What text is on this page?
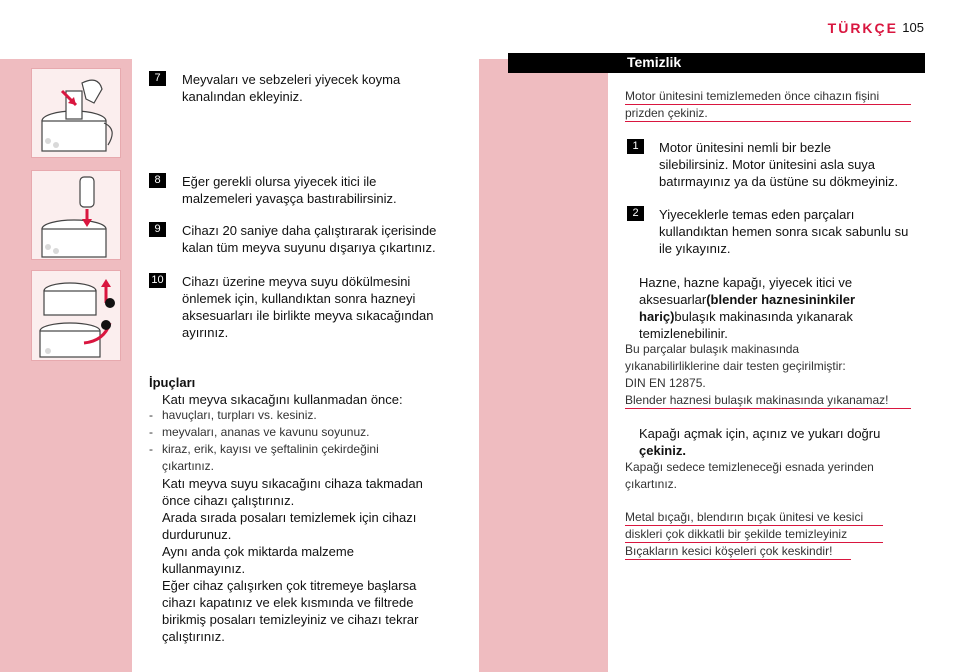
TÜRKÇE 105
7	Meyvaları ve sebzeleri yiyecek koyma
kanalından ekleyiniz.
8	Eğer gerekli olursa yiyecek itici ile
malzemeleri yavaşça bastırabilirsiniz.
9	Cihazı 20 saniye daha çalıştırarak içerisinde
kalan tüm meyva suyunu dışarıya çıkartınız.
10 Cihazı üzerine meyva suyu dökülmesini
önlemek için, kullandıktan sonra hazneyi
aksesuarları ile birlikte meyva sıkacağından
ayırınız.
İpuçları
Katı meyva sıkacağını kullanmadan önce:
- havuçları, turpları vs. kesiniz.
- meyvaları, ananas ve kavunu soyunuz.
- kiraz, erik, kayısı ve şeftalinin çekirdeğini
çıkartınız.
Katı meyva suyu sıkacağını cihaza takmadan
önce cihazı çalıştırınız.
Arada sırada posaları temizlemek için cihazı
durdurunuz.
Aynı anda çok miktarda malzeme
kullanmayınız.
Eğer cihaz çalışırken çok titremeye başlarsa
cihazı kapatınız ve elek kısmında ve filtrede
birikmiş posaları temizleyiniz ve cihazı tekrar
çalıştırınız.
Temizlik
Motor ünitesini temizlemeden önce cihazın fişini
prizden çekiniz.
1	Motor ünitesini nemli bir bezle
silebilirsiniz. Motor ünitesini asla suya
batırmayınız ya da üstüne su dökmeyiniz.
2	Yiyeceklerle temas eden parçaları
kullandıktan hemen sonra sıcak sabunlu su
ile yıkayınız.
Hazne, hazne kapağı, yiyecek itici ve
aksesuarlar(blender haznesininkiler
hariç)bulaşık makinasında yıkanarak
temizlenebilinir.
Bu parçalar bulaşık makinasında
yıkanabilirliklerine dair testen geçirilmiştir:
DIN EN 12875.
Blender haznesi bulaşık makinasında yıkanamaz!
Kapağı açmak için, açınız ve yukarı doğru
çekiniz.
Kapağı sedece temizleneceği esnada yerinden
çıkartınız.
Metal bıçağı, blendırın bıçak ünitesi ve kesici
diskleri çok dikkatli bir şekilde temizleyiniz
Bıçakların kesici köşeleri çok keskindir!
